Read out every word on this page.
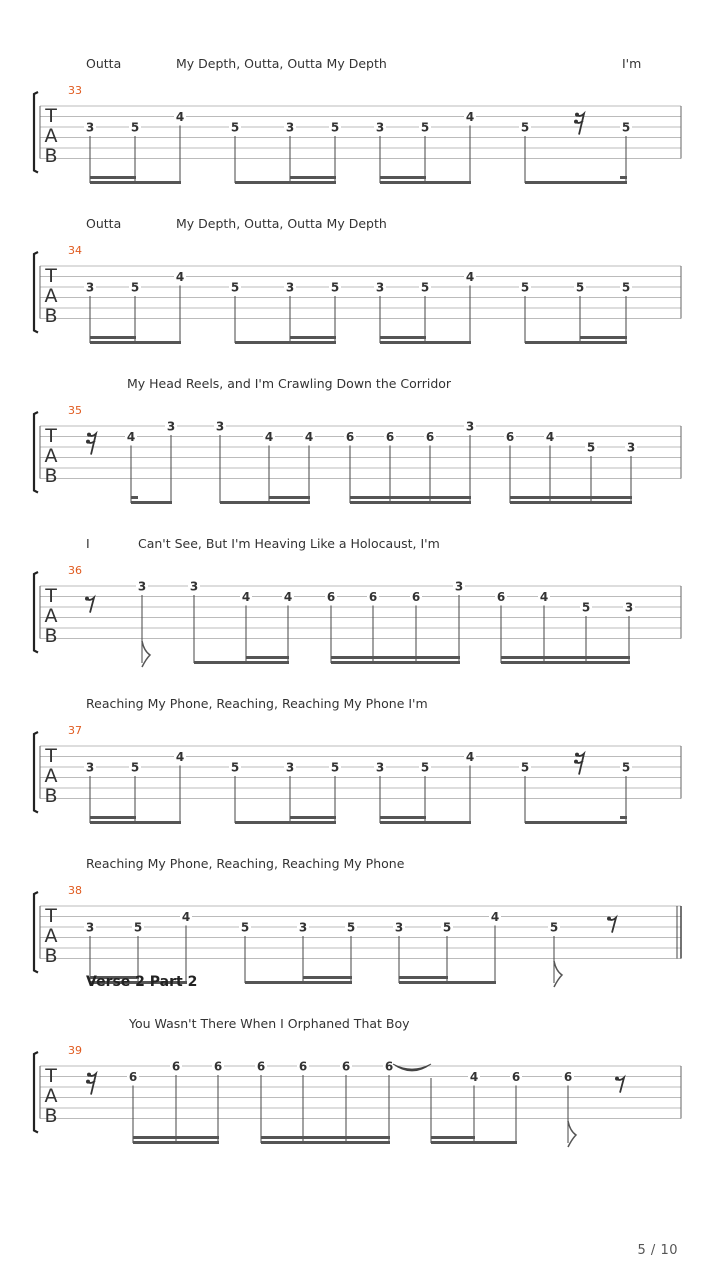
Outta	My Depth, Outta, Outta My Depth	I'm
33
T
A
B
3	5
4
5	3	5	3	5
4
5	5
Outta	My Depth, Outta, Outta My Depth
34
T
A
B
3	5
4
5	3	5	3	5
4
5	5	5
My Head Reels, and I'm Crawling Down the Corridor
35
T
A
B
4
3	3
4	4	6	6	6
3
6	4
5	3
I	Can't See, But I'm Heaving Like a Holocaust, I'm
36
T
A
B
3	3
4	4	6	6	6
3
6	4
5	3
Reaching My Phone, Reaching, Reaching My Phone I'm
37
T
A
B
3	5
4
5	3	5	3	5
4
5	5
Reaching My Phone, Reaching, Reaching My Phone
38
T
A
B
3	5
4
5	3	5	3	5
4
5
Verse 2 Part 2
You Wasn't There When I Orphaned That Boy
39
T
A
B
6
6	6	6	6	6	6
4	6	6
5 / 10
